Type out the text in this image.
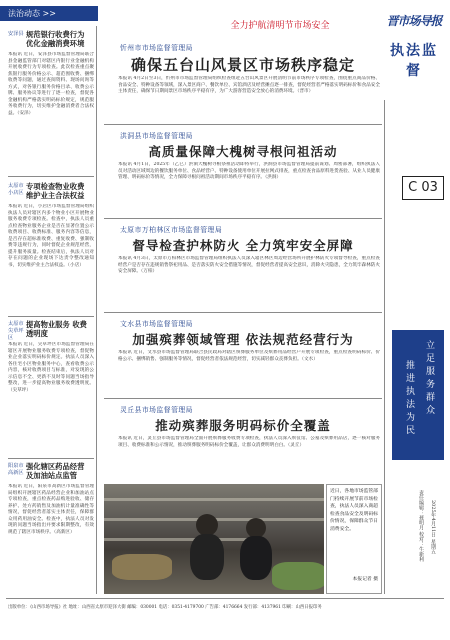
法治动态 >>
全力护航清明节市场安全	晋市场导报
执法监督
C 03
安泽县 规范银行收费行为 优化金融消费环境
本报讯 近日，安泽县市场监督管理局联合县金融监管部门对辖区内银行业金融机构开展收费行为专项检查。此次检查重点聚焦银行服务价格公示、超范围收费、捆绑收费等问题，通过查阅资料、现场问询等方式，对各银行服务价格目录、收费公示牌、服务协议等进行了逐一检查，督促各金融机构严格落实明码标价规定，规范服务收费行为，切实维护金融消费者合法权益。（安泽）
太原市 小店区
专项检查物业收费 维护业主合法权益
本报讯 近日，小店区市场监督管理局组织执法人员对辖区内多个物业小区开展物业服务收费专项检查。检查中，执法人员重点检查物业服务企业是否在显著位置公示收费项目、收费标准、服务内容等信息，是否存在超标准收费、重复收费、强制收费等违规行为，同时督促企业规范经营，提升服务质量。检查结束后，执法人员对存在问题的企业现场下达责令整改通知书，切实维护业主合法权益。（小店）
太原市 尖草坪区
提高物业服务 收费透明度
本报讯 近日，尖草坪区市场监督管理局在辖区开展物业服务收费专项检查，督促物业企业落实明码标价规定。执法人员深入各住宅小区物业服务中心，查看收费公示内容，核对收费项目与标准，对发现的公示信息不全、更新不及时等问题当场指导整改，进一步提高物业服务收费透明度。（尖草坪）
阳泉市 高新区
强化辖区药品经营 及加油站点监管
本报讯 近日，阳泉市高新区市场监督管理局组织开展辖区药品经营企业和加油站点专项检查，重点检查药品购进验收、储存养护、处方药销售及加油机计量准确性等情况，督促经营者落实主体责任，保障群众用药用油安全。检查中，执法人员对发现的问题当场指出并要求限期整改，有效规范了辖区市场秩序。（高新区）
忻州市市场监督管理局
确保五台山风景区市场秩序稳定
本报讯 4月2日至3日，忻州市市场监督管理局组织检查组赴五台山风景区开展清明节前市场秩序专项检查，围绕重点商品价格、食品安全、特种设备等领域，深入景区商户、餐饮单位、宾馆酒店及经营摊点逐一排查，督促经营者严格落实明码标价和食品安全主体责任，确保节日期间景区市场秩序平稳有序，为广大游客营造安全放心的消费环境。（晋市）
洪洞县市场监督管理局
高质量保障大槐树寻根问祖活动
本报讯 4月1日，2025年（乙巳）洪洞大槐树寻根祭祖活动即将举行，洪洞县市场监督管理局提前谋划、周密部署，组织执法人员对活动区域周边的餐饮服务单位、食品经营户、特种设备使用单位开展拉网式排查，重点检查食品原料进货查验、从业人员健康管理、明码标价等情况，全力保障寻根问祖活动期间市场秩序平稳有序。（洪洞）
太原市万柏林区市场监督管理局
督导检查护林防火 全力筑牢安全屏障
本报讯 4月3日，太原市万柏林区市场监督管理局组织执法人员深入辖区林区周边经营场所开展护林防火专项督导检查，重点检查经营户是否存在违规销售祭祀用品、是否落实防火安全措施等情况，督促经营者提高安全意识，消除火灾隐患，全力筑牢森林防火安全屏障。（万柏）
文水县市场监督管理局
加强殡葬领域管理 依法规范经营行为
本报讯 近日，文水县市场监督管理局联合县民政局对辖区殡葬服务单位及殡葬用品经营户开展专项检查，重点检查明码标价、价格公示、捆绑销售、强制服务等情况，督促经营者依法规范经营，切实减轻群众丧葬负担。（文水）
灵丘县市场监督管理局
推动殡葬服务明码标价全覆盖
本报讯 近日，灵丘县市场监督管理局全面开展殡葬服务收费专项检查，执法人员深入殡仪馆、公墓及殡葬用品店，逐一核对服务项目、收费标准和公示情况，推动殡葬服务明码标价全覆盖，让群众消费明明白白。（灵丘）
近日，各地市场监管部门持续开展节前市场检查，执法人员深入商超检查食品安全及明码标价情况，保障群众节日消费安全。
本报记者 摄
立足服务群众
推进执法为民
责任编辑：聂明月 校对：牛新利 2025年4月11日 星期五
出版单位：《山西市场导报》社 地址：山西省太原市迎泽大街 邮编：030001 电话：0351-4179700 广告部：4176664 发行部：4137961 印刷：山西日报印务
